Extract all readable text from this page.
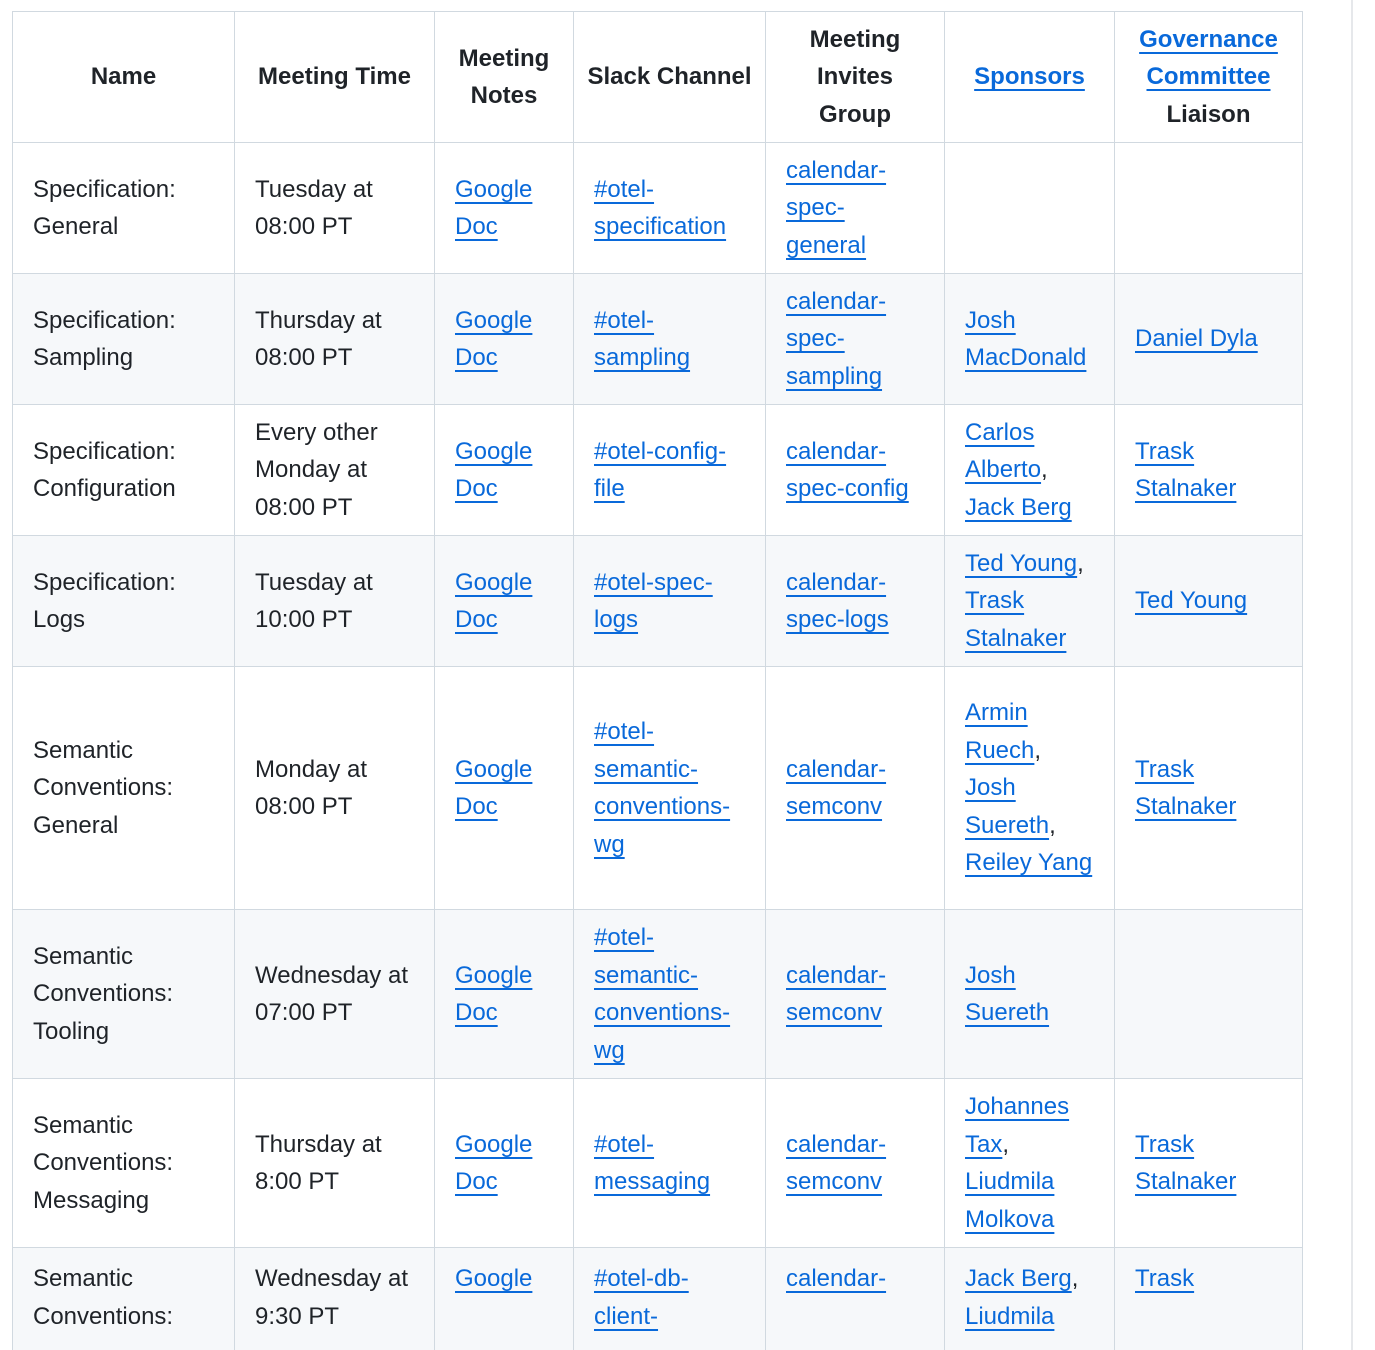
Name	Meeting Time	Meeting Notes	Slack Channel	Meeting Invites Group	Sponsors	Governance Committee Liaison

Specification: General	Tuesday at 08:00 PT	Google Doc	#otel-specification	calendar-spec-general		

Specification: Sampling	Thursday at 08:00 PT	Google Doc	#otel-sampling	calendar-spec-sampling	Josh MacDonald	Daniel Dyla

Specification: Configuration	Every other Monday at 08:00 PT	Google Doc	#otel-config-file	calendar-spec-config	Carlos Alberto, Jack Berg	Trask Stalnaker

Specification: Logs	Tuesday at 10:00 PT	Google Doc	#otel-spec-logs	calendar-spec-logs	Ted Young, Trask Stalnaker	Ted Young

Semantic Conventions: General	Monday at 08:00 PT	Google Doc	#otel-semantic-conventions-wg	calendar-semconv	Armin Ruech, Josh Suereth, Reiley Yang	Trask Stalnaker

Semantic Conventions: Tooling	Wednesday at 07:00 PT	Google Doc	#otel-semantic-conventions-wg	calendar-semconv	Josh Suereth	

Semantic Conventions: Messaging	Thursday at 8:00 PT	Google Doc	#otel-messaging	calendar-semconv	Johannes Tax, Liudmila Molkova	Trask Stalnaker

Semantic Conventions:	Wednesday at 9:30 PT	Google	#otel-db-client-	calendar-	Jack Berg, Liudmila	Trask
